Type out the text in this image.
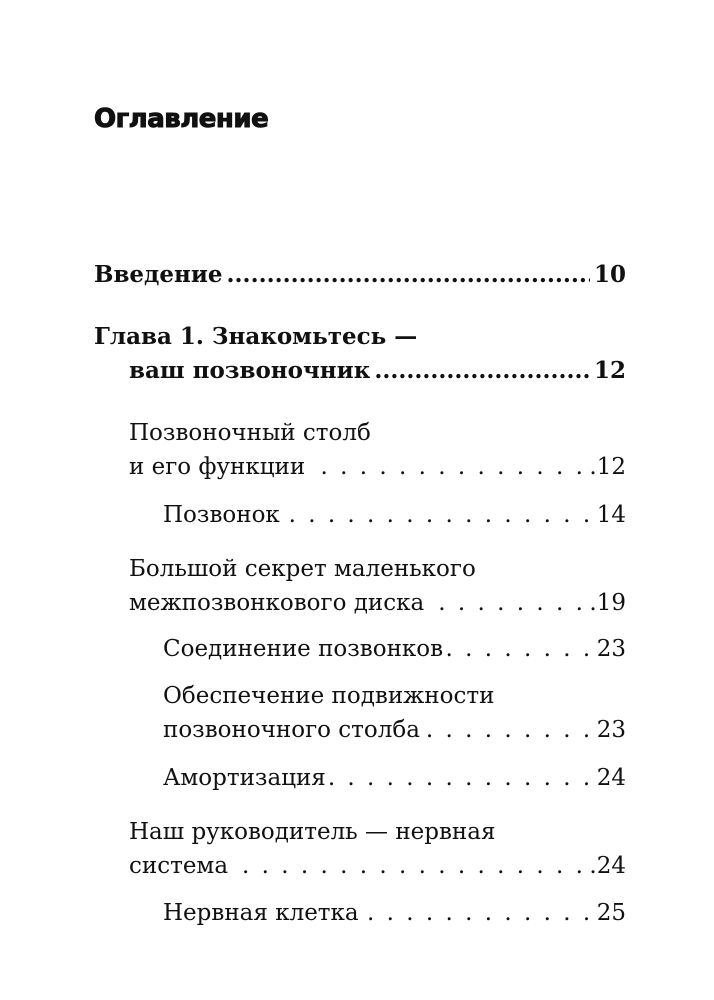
Оглавление
Введение .....	10
Глава 1. Знакомьтесь —
ваш позвоночник .....	12
Позвоночный столб
и его функции . . .	.12
Позвонок . . .	14
Большой секрет маленького
межпозвонкового диска . . .	.19
Соединение позвонков . . .	23
Обеспечение подвижности
позвоночного столба . . .	23
Амортизация . . .	24
Наш руководитель — нервная
система . . .	.24
Нервная клетка . . .	25
